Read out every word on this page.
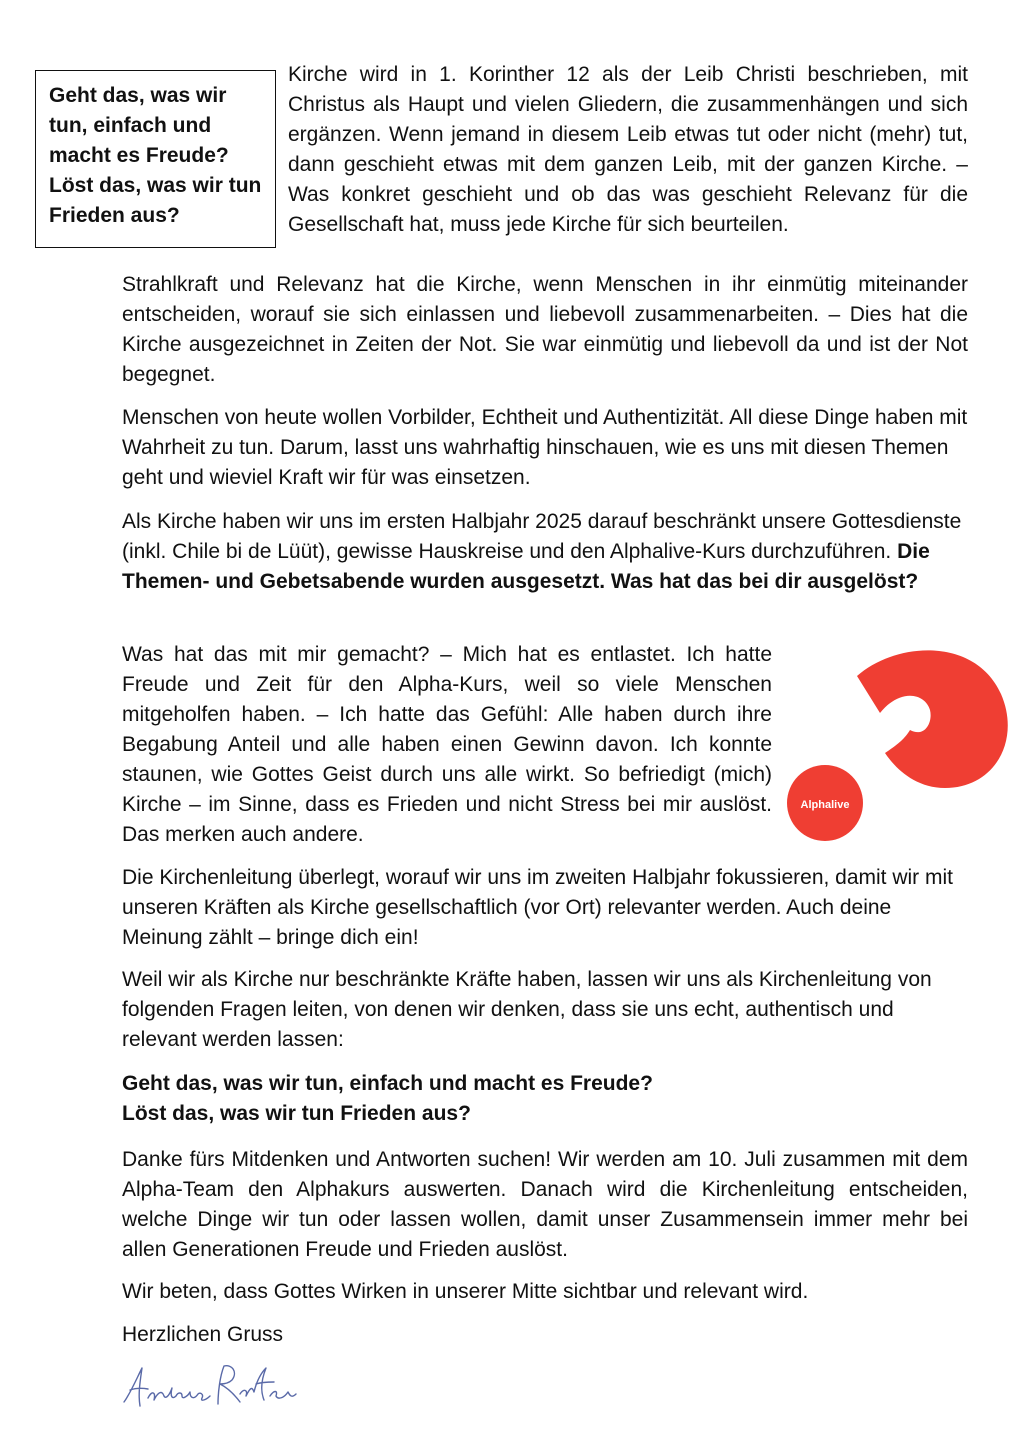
Geht das, was wir tun, einfach und macht es Freude? Löst das, was wir tun Frieden aus?

Kirche wird in 1. Korinther 12 als der Leib Christi beschrieben, mit Christus als Haupt und vielen Gliedern, die zusammenhängen und sich ergänzen. Wenn jemand in diesem Leib etwas tut oder nicht (mehr) tut, dann geschieht etwas mit dem ganzen Leib, mit der ganzen Kirche. – Was konkret geschieht und ob das was geschieht Relevanz für die Gesellschaft hat, muss jede Kirche für sich beurteilen.

Strahlkraft und Relevanz hat die Kirche, wenn Menschen in ihr einmütig miteinander entscheiden, worauf sie sich einlassen und liebevoll zusammenarbeiten. – Dies hat die Kirche ausgezeichnet in Zeiten der Not. Sie war einmütig und liebevoll da und ist der Not begegnet.

Menschen von heute wollen Vorbilder, Echtheit und Authentizität. All diese Dinge haben mit Wahrheit zu tun. Darum, lasst uns wahrhaftig hinschauen, wie es uns mit diesen Themen geht und wieviel Kraft wir für was einsetzen.

Als Kirche haben wir uns im ersten Halbjahr 2025 darauf beschränkt unsere Gottesdienste (inkl. Chile bi de Lüüt), gewisse Hauskreise und den Alphalive-Kurs durchzuführen. Die Themen- und Gebetsabende wurden ausgesetzt. Was hat das bei dir ausgelöst?

Was hat das mit mir gemacht? – Mich hat es entlastet. Ich hatte Freude und Zeit für den Alpha-Kurs, weil so viele Menschen mitgeholfen haben. – Ich hatte das Gefühl: Alle haben durch ihre Begabung Anteil und alle haben einen Gewinn davon. Ich konnte staunen, wie Gottes Geist durch uns alle wirkt. So befriedigt (mich) Kirche – im Sinne, dass es Frieden und nicht Stress bei mir auslöst. Das merken auch andere.

Alphalive

Die Kirchenleitung überlegt, worauf wir uns im zweiten Halbjahr fokussieren, damit wir mit unseren Kräften als Kirche gesellschaftlich (vor Ort) relevanter werden. Auch deine Meinung zählt – bringe dich ein!

Weil wir als Kirche nur beschränkte Kräfte haben, lassen wir uns als Kirchenleitung von folgenden Fragen leiten, von denen wir denken, dass sie uns echt, authentisch und relevant werden lassen:

Geht das, was wir tun, einfach und macht es Freude?
Löst das, was wir tun Frieden aus?

Danke fürs Mitdenken und Antworten suchen! Wir werden am 10. Juli zusammen mit dem Alpha-Team den Alphakurs auswerten. Danach wird die Kirchenleitung entscheiden, welche Dinge wir tun oder lassen wollen, damit unser Zusammensein immer mehr bei allen Generationen Freude und Frieden auslöst.

Wir beten, dass Gottes Wirken in unserer Mitte sichtbar und relevant wird.

Herzlichen Gruss
